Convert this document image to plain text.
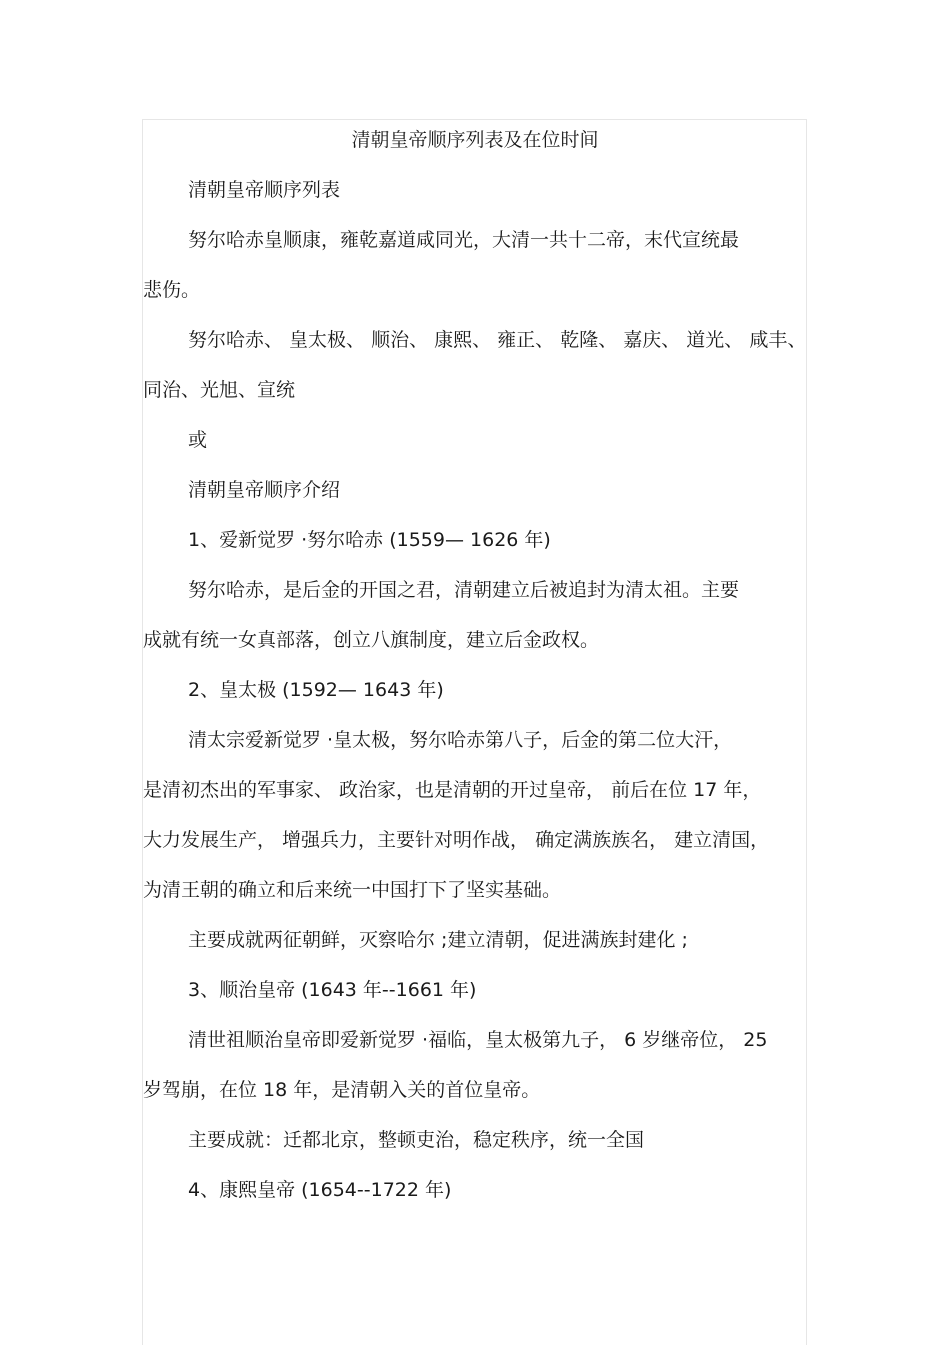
清朝皇帝顺序列表及在位时间
清朝皇帝顺序列表
努尔哈赤皇顺康，雍乾嘉道咸同光，大清一共十二帝，末代宣统最
悲伤。
努尔哈赤、 皇太极、 顺治、 康熙、 雍正、 乾隆、 嘉庆、 道光、 咸丰、
同治、光旭、宣统
或
清朝皇帝顺序介绍
1、爱新觉罗 ·努尔哈赤 (1559— 1626 年)
努尔哈赤，是后金的开国之君，清朝建立后被追封为清太祖。主要
成就有统一女真部落，创立八旗制度，建立后金政权。
2、皇太极 (1592— 1643 年)
清太宗爱新觉罗 ·皇太极，努尔哈赤第八子，后金的第二位大汗，
是清初杰出的军事家、 政治家，也是清朝的开过皇帝， 前后在位 17 年，
大力发展生产， 增强兵力，主要针对明作战， 确定满族族名， 建立清国，
为清王朝的确立和后来统一中国打下了坚实基础。
主要成就两征朝鲜，灭察哈尔 ;建立清朝，促进满族封建化 ;
3、顺治皇帝 (1643 年--1661 年)
清世祖顺治皇帝即爱新觉罗 ·福临，皇太极第九子， 6 岁继帝位， 25
岁驾崩，在位 18 年，是清朝入关的首位皇帝。
主要成就：迁都北京，整顿吏治，稳定秩序，统一全国
4、康熙皇帝 (1654--1722 年)
